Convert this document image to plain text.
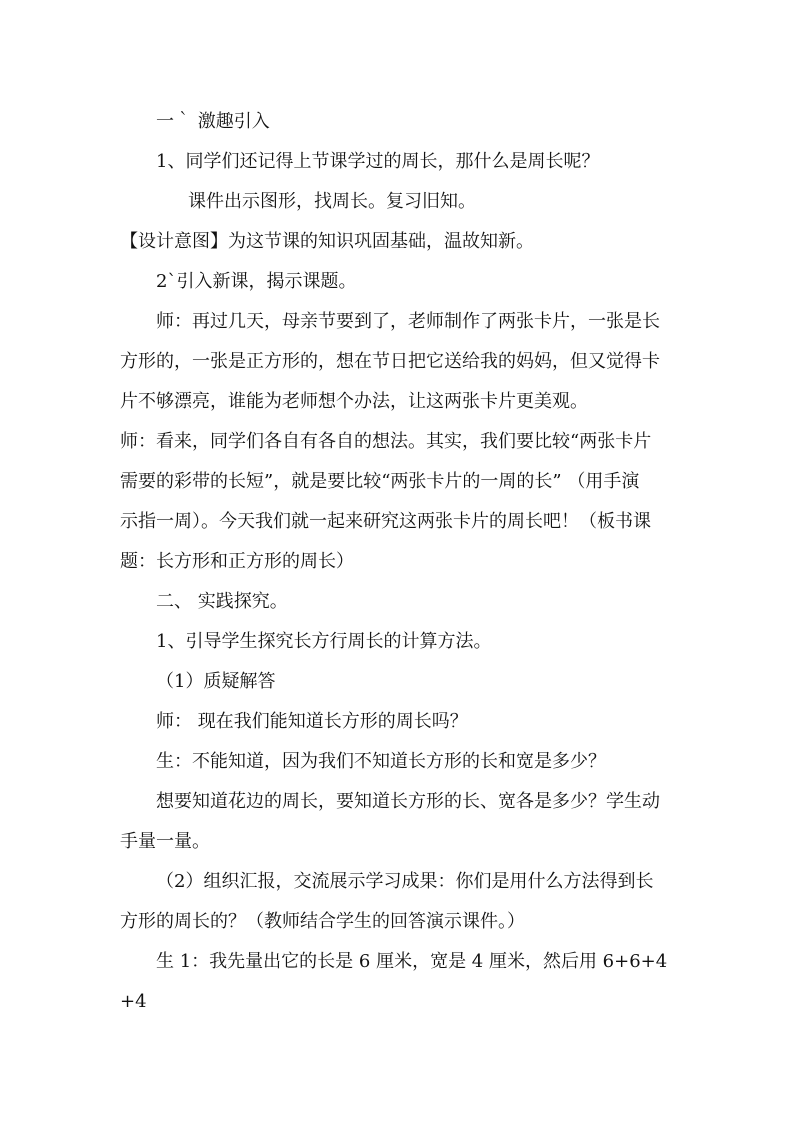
一｀ 激趣引入
1、同学们还记得上节课学过的周长，那什么是周长呢？
课件出示图形，找周长。复习旧知。
【设计意图】为这节课的知识巩固基础，温故知新。
2`引入新课，揭示课题。
师：再过几天，母亲节要到了，老师制作了两张卡片，一张是长
方形的，一张是正方形的，想在节日把它送给我的妈妈，但又觉得卡
片不够漂亮，谁能为老师想个办法，让这两张卡片更美观。
师：看来，同学们各自有各自的想法。其实，我们要比较“两张卡片
需要的彩带的长短”，就是要比较“两张卡片的一周的长” （用手演
示指一周）。今天我们就一起来研究这两张卡片的周长吧！（板书课
题：长方形和正方形的周长）
二、 实践探究。
1、引导学生探究长方行周长的计算方法。
（1）质疑解答
师： 现在我们能知道长方形的周长吗？
生：不能知道，因为我们不知道长方形的长和宽是多少？
想要知道花边的周长，要知道长方形的长、宽各是多少？学生动
手量一量。
（2）组织汇报，交流展示学习成果：你们是用什么方法得到长
方形的周长的？（教师结合学生的回答演示课件。）
生 1：我先量出它的长是 6 厘米，宽是 4 厘米，然后用 6+6+4+4
